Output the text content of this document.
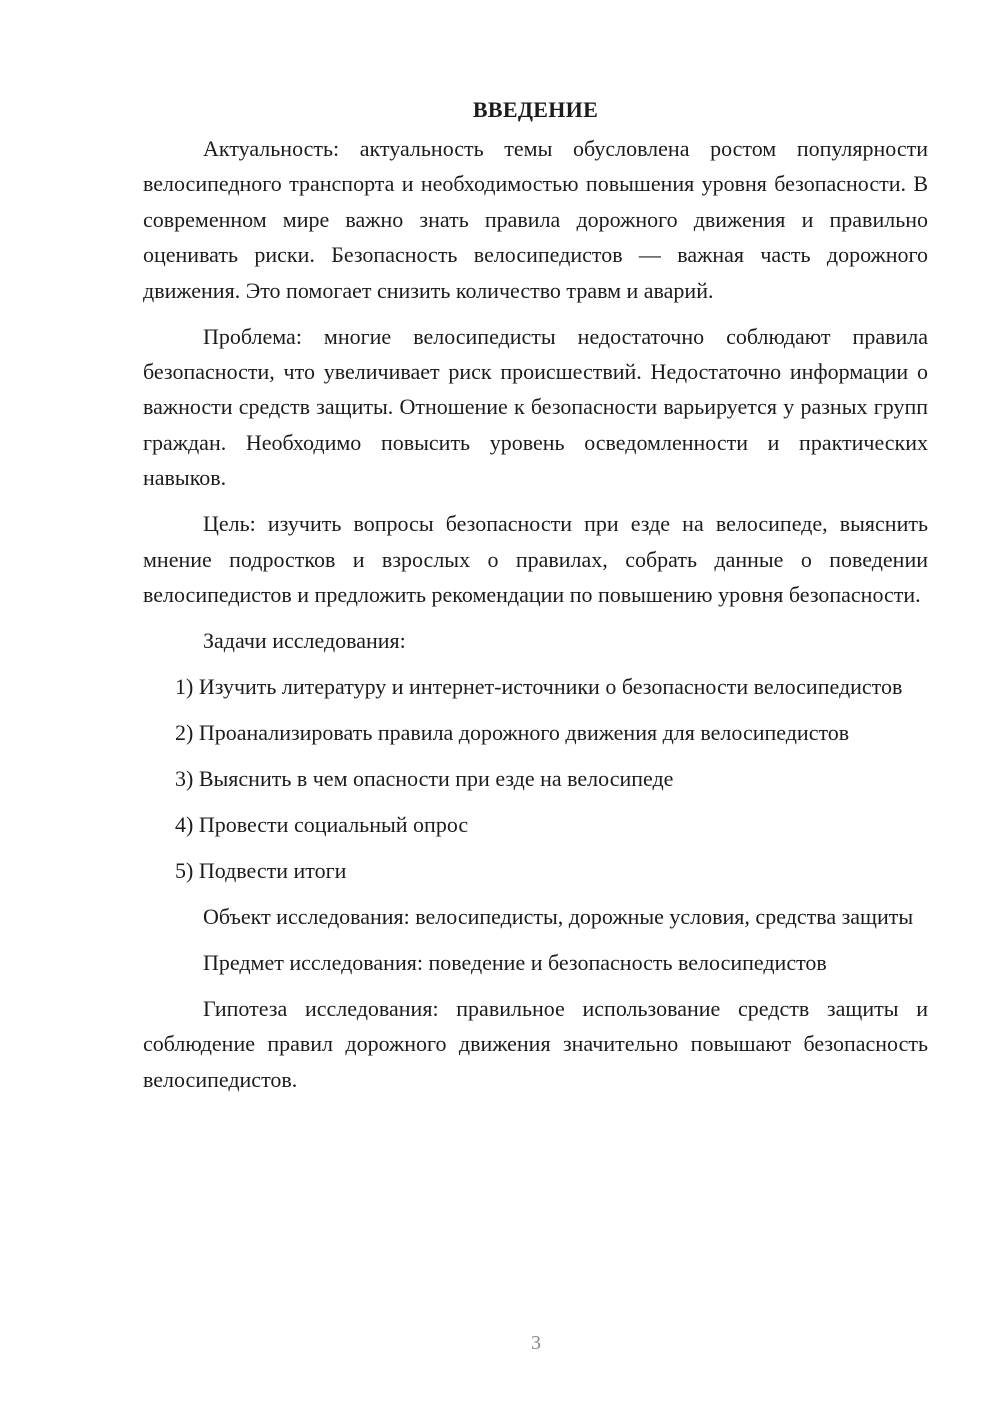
ВВЕДЕНИЕ

Актуальность: актуальность темы обусловлена ростом популярности велосипедного транспорта и необходимостью повышения уровня безопасности. В современном мире важно знать правила дорожного движения и правильно оценивать риски. Безопасность велосипедистов — важная часть дорожного движения. Это помогает снизить количество травм и аварий.

Проблема: многие велосипедисты недостаточно соблюдают правила безопасности, что увеличивает риск происшествий. Недостаточно информации о важности средств защиты. Отношение к безопасности варьируется у разных групп граждан. Необходимо повысить уровень осведомленности и практических навыков.

Цель: изучить вопросы безопасности при езде на велосипеде, выяснить мнение подростков и взрослых о правилах, собрать данные о поведении велосипедистов и предложить рекомендации по повышению уровня безопасности.

Задачи исследования:

1) Изучить литературу и интернет-источники о безопасности велосипедистов

2) Проанализировать правила дорожного движения для велосипедистов

3) Выяснить в чем опасности при езде на велосипеде

4) Провести социальный опрос

5) Подвести итоги

Объект исследования: велосипедисты, дорожные условия, средства защиты

Предмет исследования: поведение и безопасность велосипедистов

Гипотеза исследования: правильное использование средств защиты и соблюдение правил дорожного движения значительно повышают безопасность велосипедистов.

3
